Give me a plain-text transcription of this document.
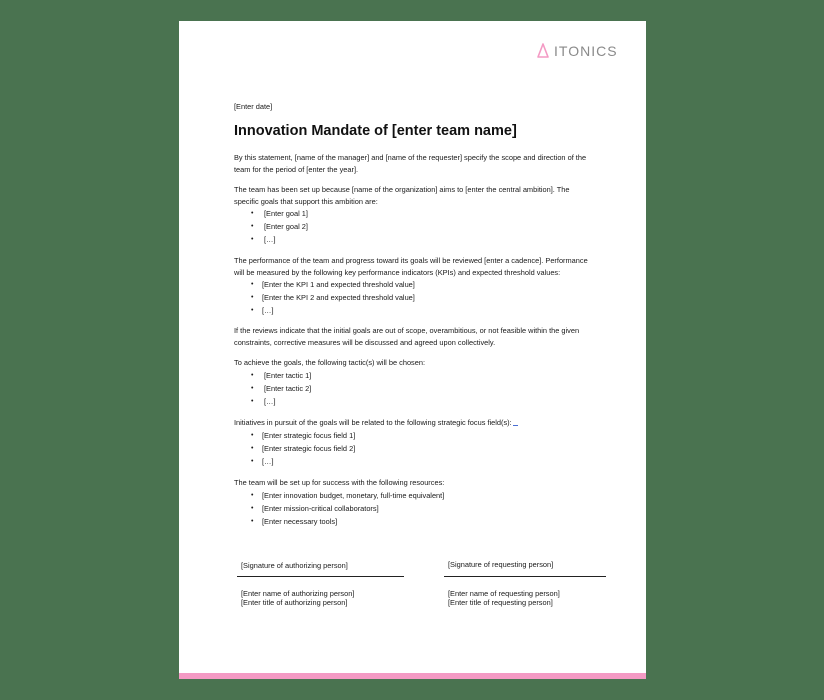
ITONICS
[Enter date]
Innovation Mandate of [enter team name]
By this statement, [name of the manager] and [name of the requester] specify the scope and direction of the
team for the period of [enter the year].
The team has been set up because [name of the organization] aims to [enter the central ambition]. The
specific goals that support this ambition are:
• [Enter goal 1]
• [Enter goal 2]
• […]
The performance of the team and progress toward its goals will be reviewed [enter a cadence]. Performance
will be measured by the following key performance indicators (KPIs) and expected threshold values:
• [Enter the KPI 1 and expected threshold value]
• [Enter the KPI 2 and expected threshold value]
• […]
If the reviews indicate that the initial goals are out of scope, overambitious, or not feasible within the given
constraints, corrective measures will be discussed and agreed upon collectively.
To achieve the goals, the following tactic(s) will be chosen:
• [Enter tactic 1]
• [Enter tactic 2]
• […]
Initiatives in pursuit of the goals will be related to the following strategic focus field(s):
• [Enter strategic focus field 1]
• [Enter strategic focus field 2]
• […]
The team will be set up for success with the following resources:
• [Enter innovation budget, monetary, full-time equivalent]
• [Enter mission-critical collaborators]
• [Enter necessary tools]
[Signature of authorizing person]
[Enter name of authorizing person]
[Enter title of authorizing person]
[Signature of requesting person]
[Enter name of requesting person]
[Enter title of requesting person]
